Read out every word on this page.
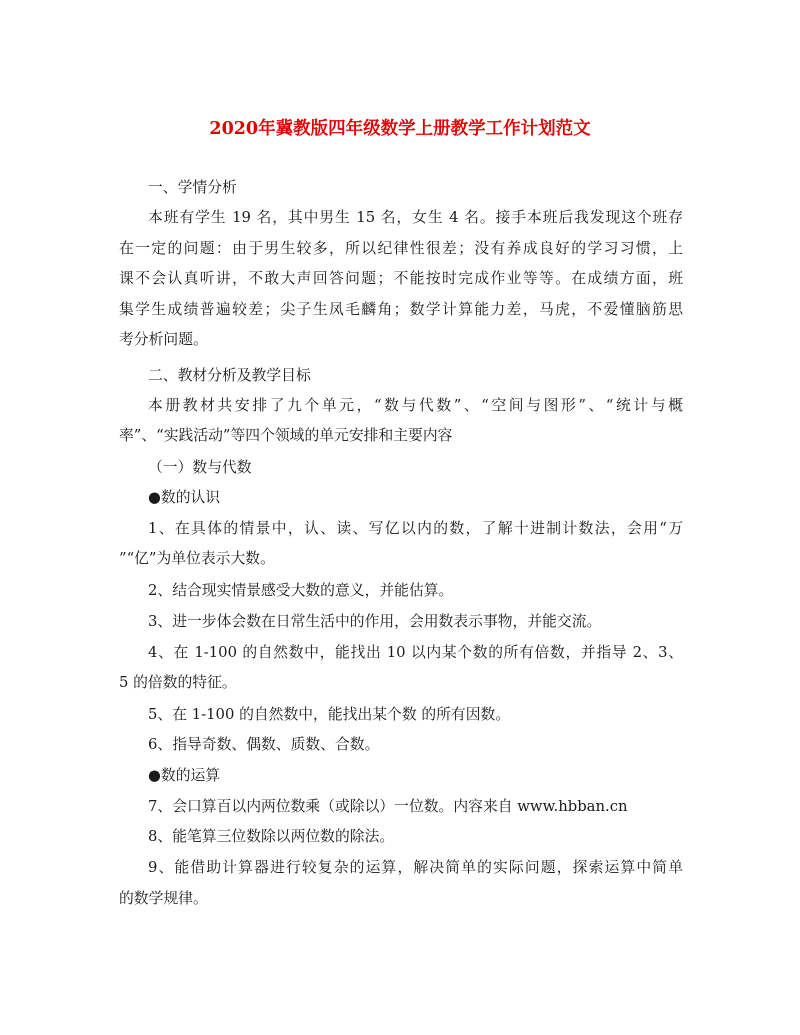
2020年冀教版四年级数学上册教学工作计划范文
一、学情分析
本班有学生 19 名，其中男生 15 名，女生 4 名。接手本班后我发现这个班存
在一定的问题：由于男生较多，所以纪律性很差；没有养成良好的学习习惯，上
课不会认真听讲，不敢大声回答问题；不能按时完成作业等等。在成绩方面，班
集学生成绩普遍较差；尖子生凤毛麟角；数学计算能力差，马虎，不爱懂脑筋思
考分析问题。
二、教材分析及教学目标
本册教材共安排了九个单元，“数与代数”、“空间与图形”、“统计与概
率”、“实践活动”等四个领域的单元安排和主要内容
（一）数与代数
●数的认识
1、在具体的情景中，认、读、写亿以内的数，了解十进制计数法，会用“万
”“亿”为单位表示大数。
2、结合现实情景感受大数的意义，并能估算。
3、进一步体会数在日常生活中的作用，会用数表示事物，并能交流。
4、在 1-100 的自然数中，能找出 10 以内某个数的所有倍数，并指导 2、3、
5 的倍数的特征。
5、在 1-100 的自然数中，能找出某个数 的所有因数。
6、指导奇数、偶数、质数、合数。
●数的运算
7、会口算百以内两位数乘（或除以）一位数。内容来自 www.hbban.cn
8、能笔算三位数除以两位数的除法。
9、能借助计算器进行较复杂的运算，解决简单的实际问题，探索运算中简单
的数学规律。
